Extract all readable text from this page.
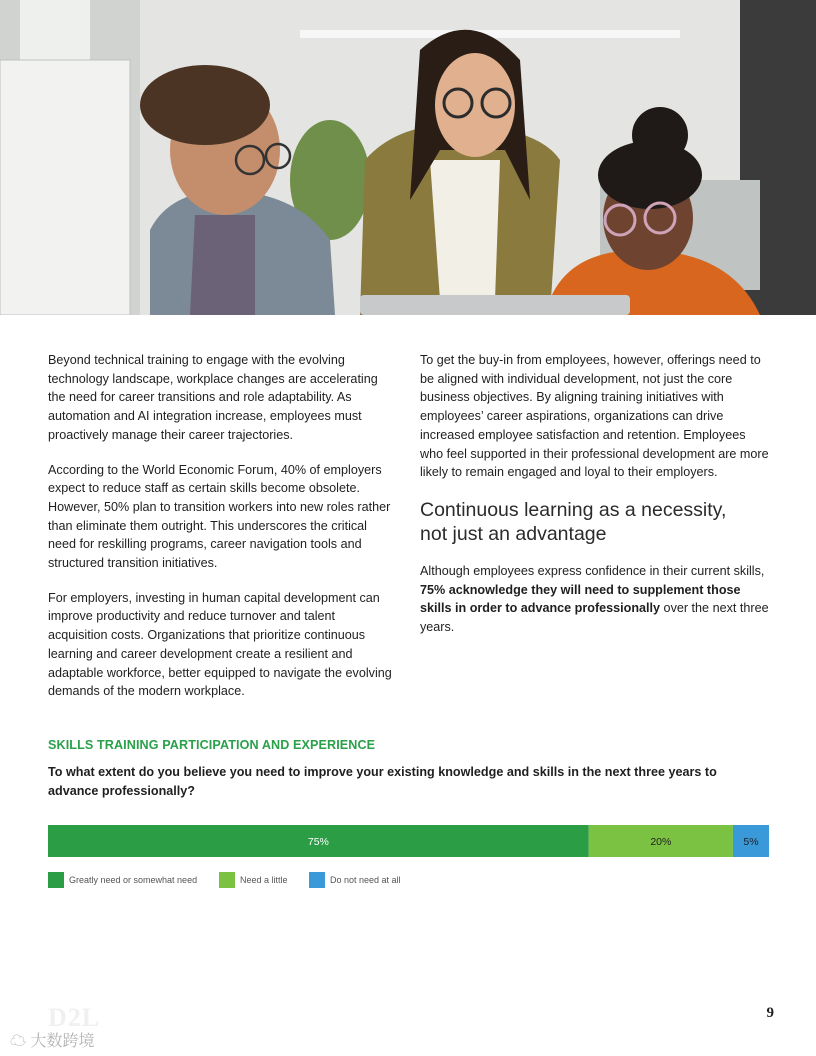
Beyond technical training to engage with the evolving technology landscape, workplace changes are accelerating the need for career transitions and role adaptability. As automation and AI integration increase, employees must proactively manage their career trajectories.

According to the World Economic Forum, 40% of employers expect to reduce staff as certain skills become obsolete. However, 50% plan to transition workers into new roles rather than eliminate them outright. This underscores the critical need for reskilling programs, career navigation tools and structured transition initiatives.

For employers, investing in human capital development can improve productivity and reduce turnover and talent acquisition costs. Organizations that prioritize continuous learning and career development create a resilient and adaptable workforce, better equipped to navigate the evolving demands of the modern workplace.

To get the buy-in from employees, however, offerings need to be aligned with individual development, not just the core business objectives. By aligning training initiatives with employees’ career aspirations, organizations can drive increased employee satisfaction and retention. Employees who feel supported in their professional development are more likely to remain engaged and loyal to their employers.

Continuous learning as a necessity,
not just an advantage

Although employees express confidence in their current skills, 75% acknowledge they will need to supplement those skills in order to advance professionally over the next three years.

SKILLS TRAINING PARTICIPATION AND EXPERIENCE
To what extent do you believe you need to improve your existing knowledge and skills in the next three years to advance professionally?
75%	20%	5%
Greatly need or somewhat need	Need a little	Do not need at all
D2L
☁ 大数跨境
9
